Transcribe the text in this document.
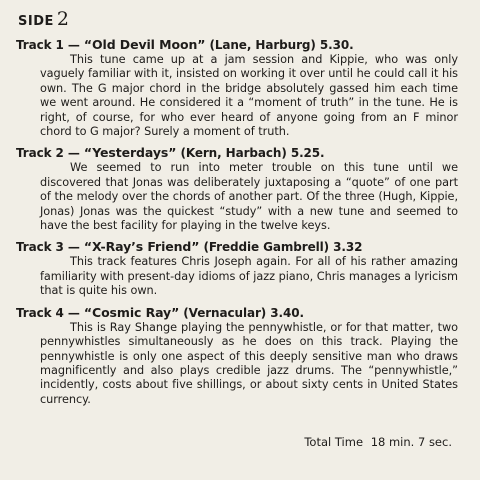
SIDE 2
Track 1 — “Old Devil Moon” (Lane, Harburg) 5.30.
This tune came up at a jam session and Kippie, who was only vaguely familiar with it, insisted on working it over until he could call it his own. The G major chord in the bridge absolutely gassed him each time we went around. He considered it a “moment of truth” in the tune. He is right, of course, for who ever heard of anyone going from an F minor chord to G major? Surely a moment of truth.
Track 2 — “Yesterdays” (Kern, Harbach) 5.25.
We seemed to run into meter trouble on this tune until we discovered that Jonas was deliberately juxtaposing a “quote” of one part of the melody over the chords of another part. Of the three (Hugh, Kippie, Jonas) Jonas was the quickest “study” with a new tune and seemed to have the best facility for playing in the twelve keys.
Track 3 — “X-Ray’s Friend” (Freddie Gambrell) 3.32
This track features Chris Joseph again. For all of his rather amazing familiarity with present-day idioms of jazz piano, Chris manages a lyricism that is quite his own.
Track 4 — “Cosmic Ray” (Vernacular) 3.40.
This is Ray Shange playing the pennywhistle, or for that matter, two pennywhistles simultaneously as he does on this track. Playing the pennywhistle is only one aspect of this deeply sensitive man who draws magnificently and also plays credible jazz drums. The “pennywhistle,” incidently, costs about five shillings, or about sixty cents in United States currency.
Total Time 18 min. 7 sec.
